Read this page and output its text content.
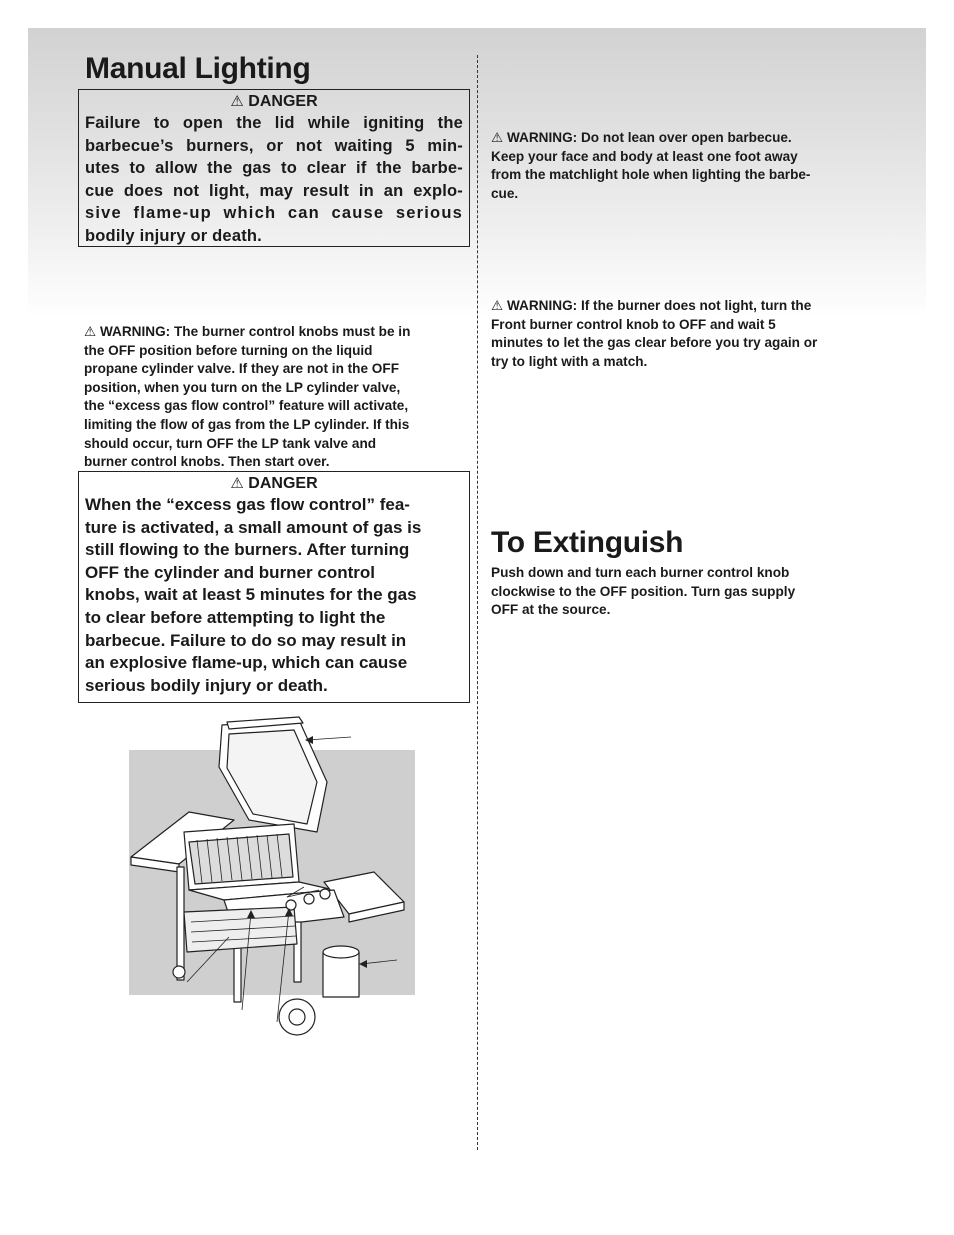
Manual Lighting
⚠ DANGER
Failure to open the lid while igniting the
barbecue’s burners, or not waiting 5 min-
utes to allow the gas to clear if the barbe-
cue does not light, may result in an explo-
sive flame-up which can cause serious
bodily injury or death.
⚠ WARNING: The burner control knobs must be in
the OFF position before turning on the liquid
propane cylinder valve. If they are not in the OFF
position, when you turn on the LP cylinder valve,
the “excess gas flow control” feature will activate,
limiting the flow of gas from the LP cylinder. If this
should occur, turn OFF the LP tank valve and
burner control knobs. Then start over.
⚠ DANGER
When the “excess gas flow control” fea-
ture is activated, a small amount of gas is
still flowing to the burners. After turning
OFF the cylinder and burner control
knobs, wait at least 5 minutes for the gas
to clear before attempting to light the
barbecue. Failure to do so may result in
an explosive flame-up, which can cause
serious bodily injury or death.
⚠ WARNING: Do not lean over open barbecue.
Keep your face and body at least one foot away
from the matchlight hole when lighting the barbe-
cue.
⚠ WARNING: If the burner does not light, turn the
Front burner control knob to OFF and wait 5
minutes to let the gas clear before you try again or
try to light with a match.
To Extinguish
Push down and turn each burner control knob
clockwise to the OFF position. Turn gas supply
OFF at the source.
